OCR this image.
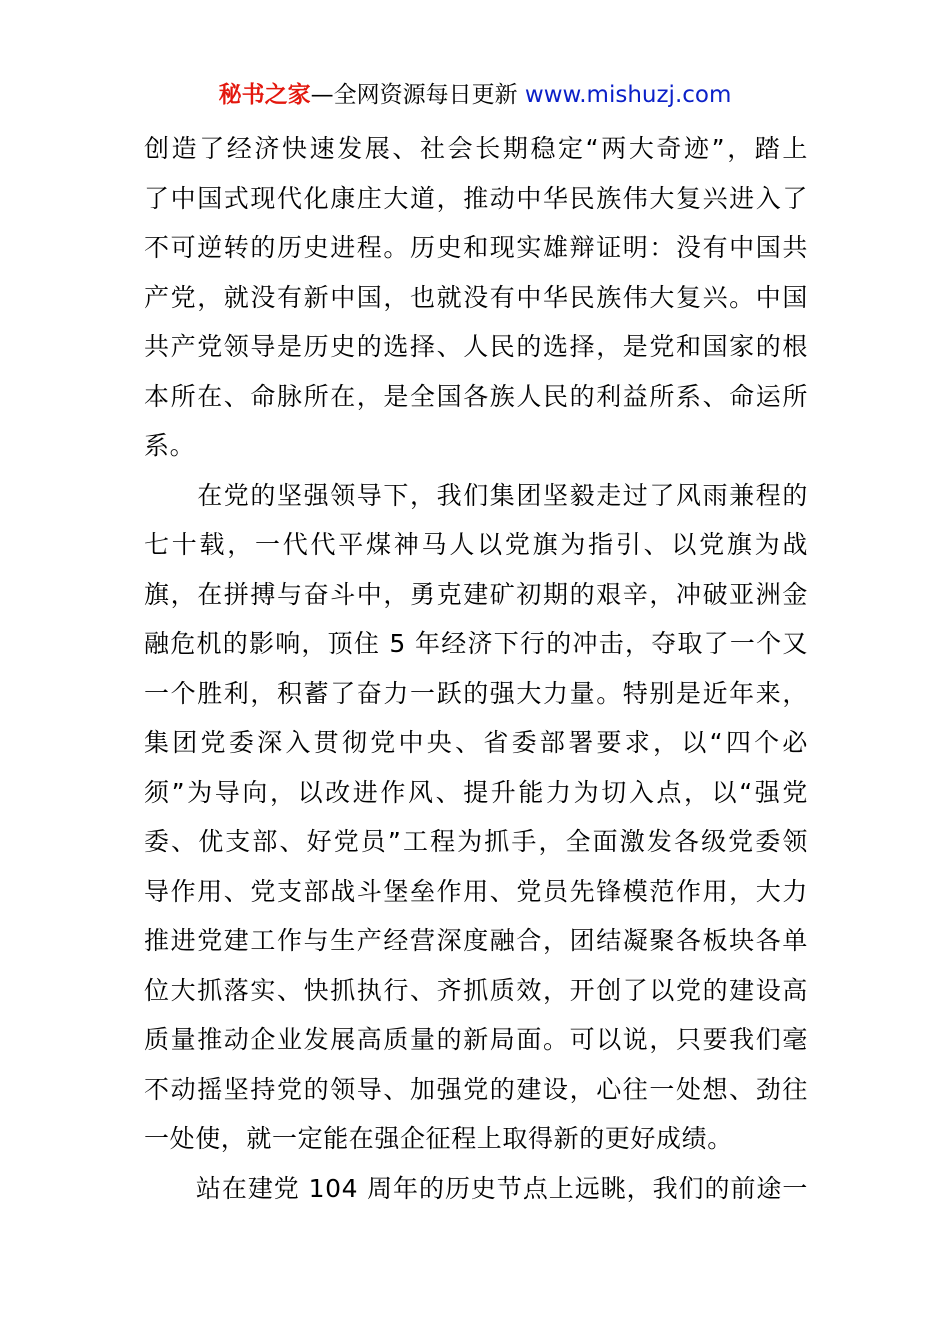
秘书之家—全网资源每日更新 www.mishuzj.com
创造了经济快速发展、社会长期稳定“两大奇迹”，踏上
了中国式现代化康庄大道，推动中华民族伟大复兴进入了
不可逆转的历史进程。历史和现实雄辩证明：没有中国共
产党，就没有新中国，也就没有中华民族伟大复兴。中国
共产党领导是历史的选择、人民的选择，是党和国家的根
本所在、命脉所在，是全国各族人民的利益所系、命运所
系。
　　在党的坚强领导下，我们集团坚毅走过了风雨兼程的
七十载，一代代平煤神马人以党旗为指引、以党旗为战
旗，在拼搏与奋斗中，勇克建矿初期的艰辛，冲破亚洲金
融危机的影响，顶住 5 年经济下行的冲击，夺取了一个又
一个胜利，积蓄了奋力一跃的强大力量。特别是近年来，
集团党委深入贯彻党中央、省委部署要求，以“四个必
须”为导向，以改进作风、提升能力为切入点，以“强党
委、优支部、好党员”工程为抓手，全面激发各级党委领
导作用、党支部战斗堡垒作用、党员先锋模范作用，大力
推进党建工作与生产经营深度融合，团结凝聚各板块各单
位大抓落实、快抓执行、齐抓质效，开创了以党的建设高
质量推动企业发展高质量的新局面。可以说，只要我们毫
不动摇坚持党的领导、加强党的建设，心往一处想、劲往
一处使，就一定能在强企征程上取得新的更好成绩。
　　站在建党 104 周年的历史节点上远眺，我们的前途一
